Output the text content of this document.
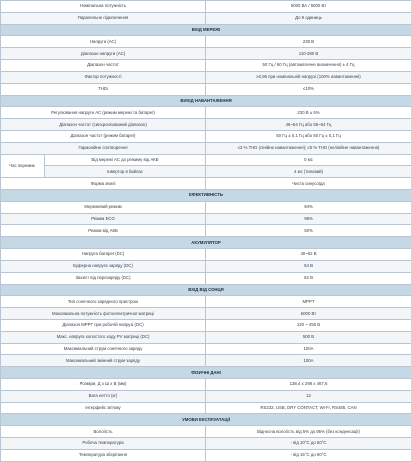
Номінальна потужність		5000 ВА / 5000 Вт
Паралельне підключення		До 9 одиниць
ВХІД МЕРЕЖІ		
Напруга (АС)		230 В
Діапазон напруги (АС)		110-280 В
Діапазон частот		50 Гц / 60 Гц (автоматичне визначення) ± 4 Гц
Фактор потужності		≥0,96 при номінальній напрузі (100% навантаження)
THDi		≤10%
ВИХІД НАВАНТАЖЕННЯ		
Регулювання напруги АС (режим мережі та батареї)		230 В ± 5%
Діапазон частот (синхронізований діапазон)		46~54 Гц або 56~64 Гц
Діапазон частот (режим батареї)		50 Гц ± 0,1 Гц або 60 Гц ± 0,1 Гц
Гармонійне спотворення		≤3 % THD (лінійне навантаження); ≤5 % THD (нелінійне навантаження)
Час перемик.	Від мережі АС до режиму від АКБ	0 мс
	Інвертор в байпас	4 мс (типовий)
Форма хвилі		Чиста синусоїда
ЕФЕКТИВНІСТЬ		
Мережевий режим		94%
Режим ECO		98%
Режим від АКБ		92%
АКУМУЛЯТОР		
Напруга батареї (DC)		40~62 В
Буферна напруга заряду (DC)		54 В
Захист від перезаряду (DC)		62 В
ВХІД ВІД СОНЦЯ		
Тип сонячного зарядного пристрою		MPPT
Максимальна потужність фотоелектричної матриці		6000 Вт
Діапазон MPPT при робочій напрузі (DC)		120 ~ 450 В
Макс. напруга холостого ходу PV матриці (DC)		500 В
Максимальний струм сонячного заряду		100А
Максимальний змінний струм заряду		100А
ФІЗИЧНІ ДАНІ		
Розміри, Д x Ш x В (мм)		138,4 x 298 x 467,6
Вага нетто (кг)		12
Інтерфейс зв'язку		RS232, USB, DRY CONTACT, Wi-Fi, RS485, CAN
УМОВИ ЕКСПЛУАТАЦІЇ		
Вологість		Відносна вологість від 5% до 95% (без конденсації)
Робоча температура		- від 10°С до 50°С
Температура зберігання		- від 15°С до 60°С
